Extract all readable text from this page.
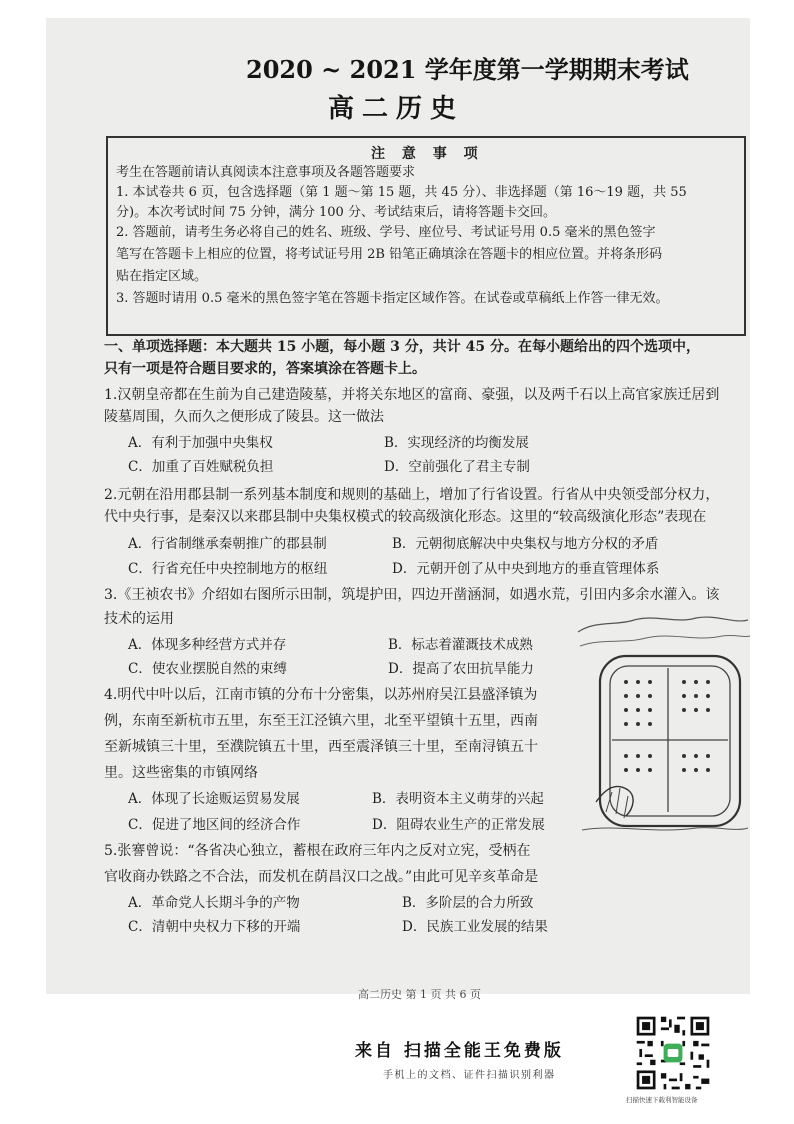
2020 ~ 2021 学年度第一学期期末考试
高二历史
注 意 事 项
考生在答题前请认真阅读本注意事项及各题答题要求
1. 本试卷共 6 页，包含选择题（第 1 题～第 15 题，共 45 分）、非选择题（第 16～19 题，共 55
分)。本次考试时间 75 分钟，满分 100 分、考试结束后，请将答题卡交回。
2. 答题前，请考生务必将自己的姓名、班级、学号、座位号、考试证号用 0.5 毫米的黑色签字
笔写在答题卡上相应的位置，将考试证号用 2B 铅笔正确填涂在答题卡的相应位置。并将条形码
贴在指定区域。
3. 答题时请用 0.5 毫米的黑色签字笔在答题卡指定区域作答。在试卷或草稿纸上作答一律无效。
一、单项选择题：本大题共 15 小题，每小题 3 分，共计 45 分。在每小题给出的四个选项中，
只有一项是符合题目要求的，答案填涂在答题卡上。
1.汉朝皇帝都在生前为自己建造陵墓，并将关东地区的富商、豪强，以及两千石以上高官家族迁居到
陵墓周围，久而久之便形成了陵县。这一做法
A．有利于加强中央集权	B．实现经济的均衡发展
C．加重了百姓赋税负担	D．空前强化了君主专制
2.元朝在沿用郡县制一系列基本制度和规则的基础上，增加了行省设置。行省从中央领受部分权力，
代中央行事，是秦汉以来郡县制中央集权模式的较高级演化形态。这里的“较高级演化形态”表现在
A．行省制继承秦朝推广的郡县制	B．元朝彻底解决中央集权与地方分权的矛盾
C．行省充任中央控制地方的枢纽	D．元朝开创了从中央到地方的垂直管理体系
3.《王祯农书》介绍如右图所示田制，筑堤护田，四边开凿涵洞，如遇水荒，引田内多余水灌入。该
技术的运用
A．体现多种经营方式并存	B．标志着灌溉技术成熟
C．使农业摆脱自然的束缚	D．提高了农田抗旱能力
4.明代中叶以后，江南市镇的分布十分密集，以苏州府吴江县盛泽镇为
例，东南至新杭市五里，东至王江泾镇六里，北至平望镇十五里，西南
至新城镇三十里，至濮院镇五十里，西至震泽镇三十里，至南浔镇五十
里。这些密集的市镇网络
A．体现了长途贩运贸易发展	B．表明资本主义萌芽的兴起
C．促进了地区间的经济合作	D．阻碍农业生产的正常发展
5.张謇曾说：“各省决心独立，蓄根在政府三年内之反对立宪，受柄在
官收商办铁路之不合法，而发机在荫昌汉口之战。”由此可见辛亥革命是
A．革命党人长期斗争的产物	B．多阶层的合力所致
C．清朝中央权力下移的开端	D．民族工业发展的结果
高二历史 第 1 页 共 6 页
来自 扫描全能王免费版
手机上的文档、证件扫描识别利器
扫描快速下载利智能设备
